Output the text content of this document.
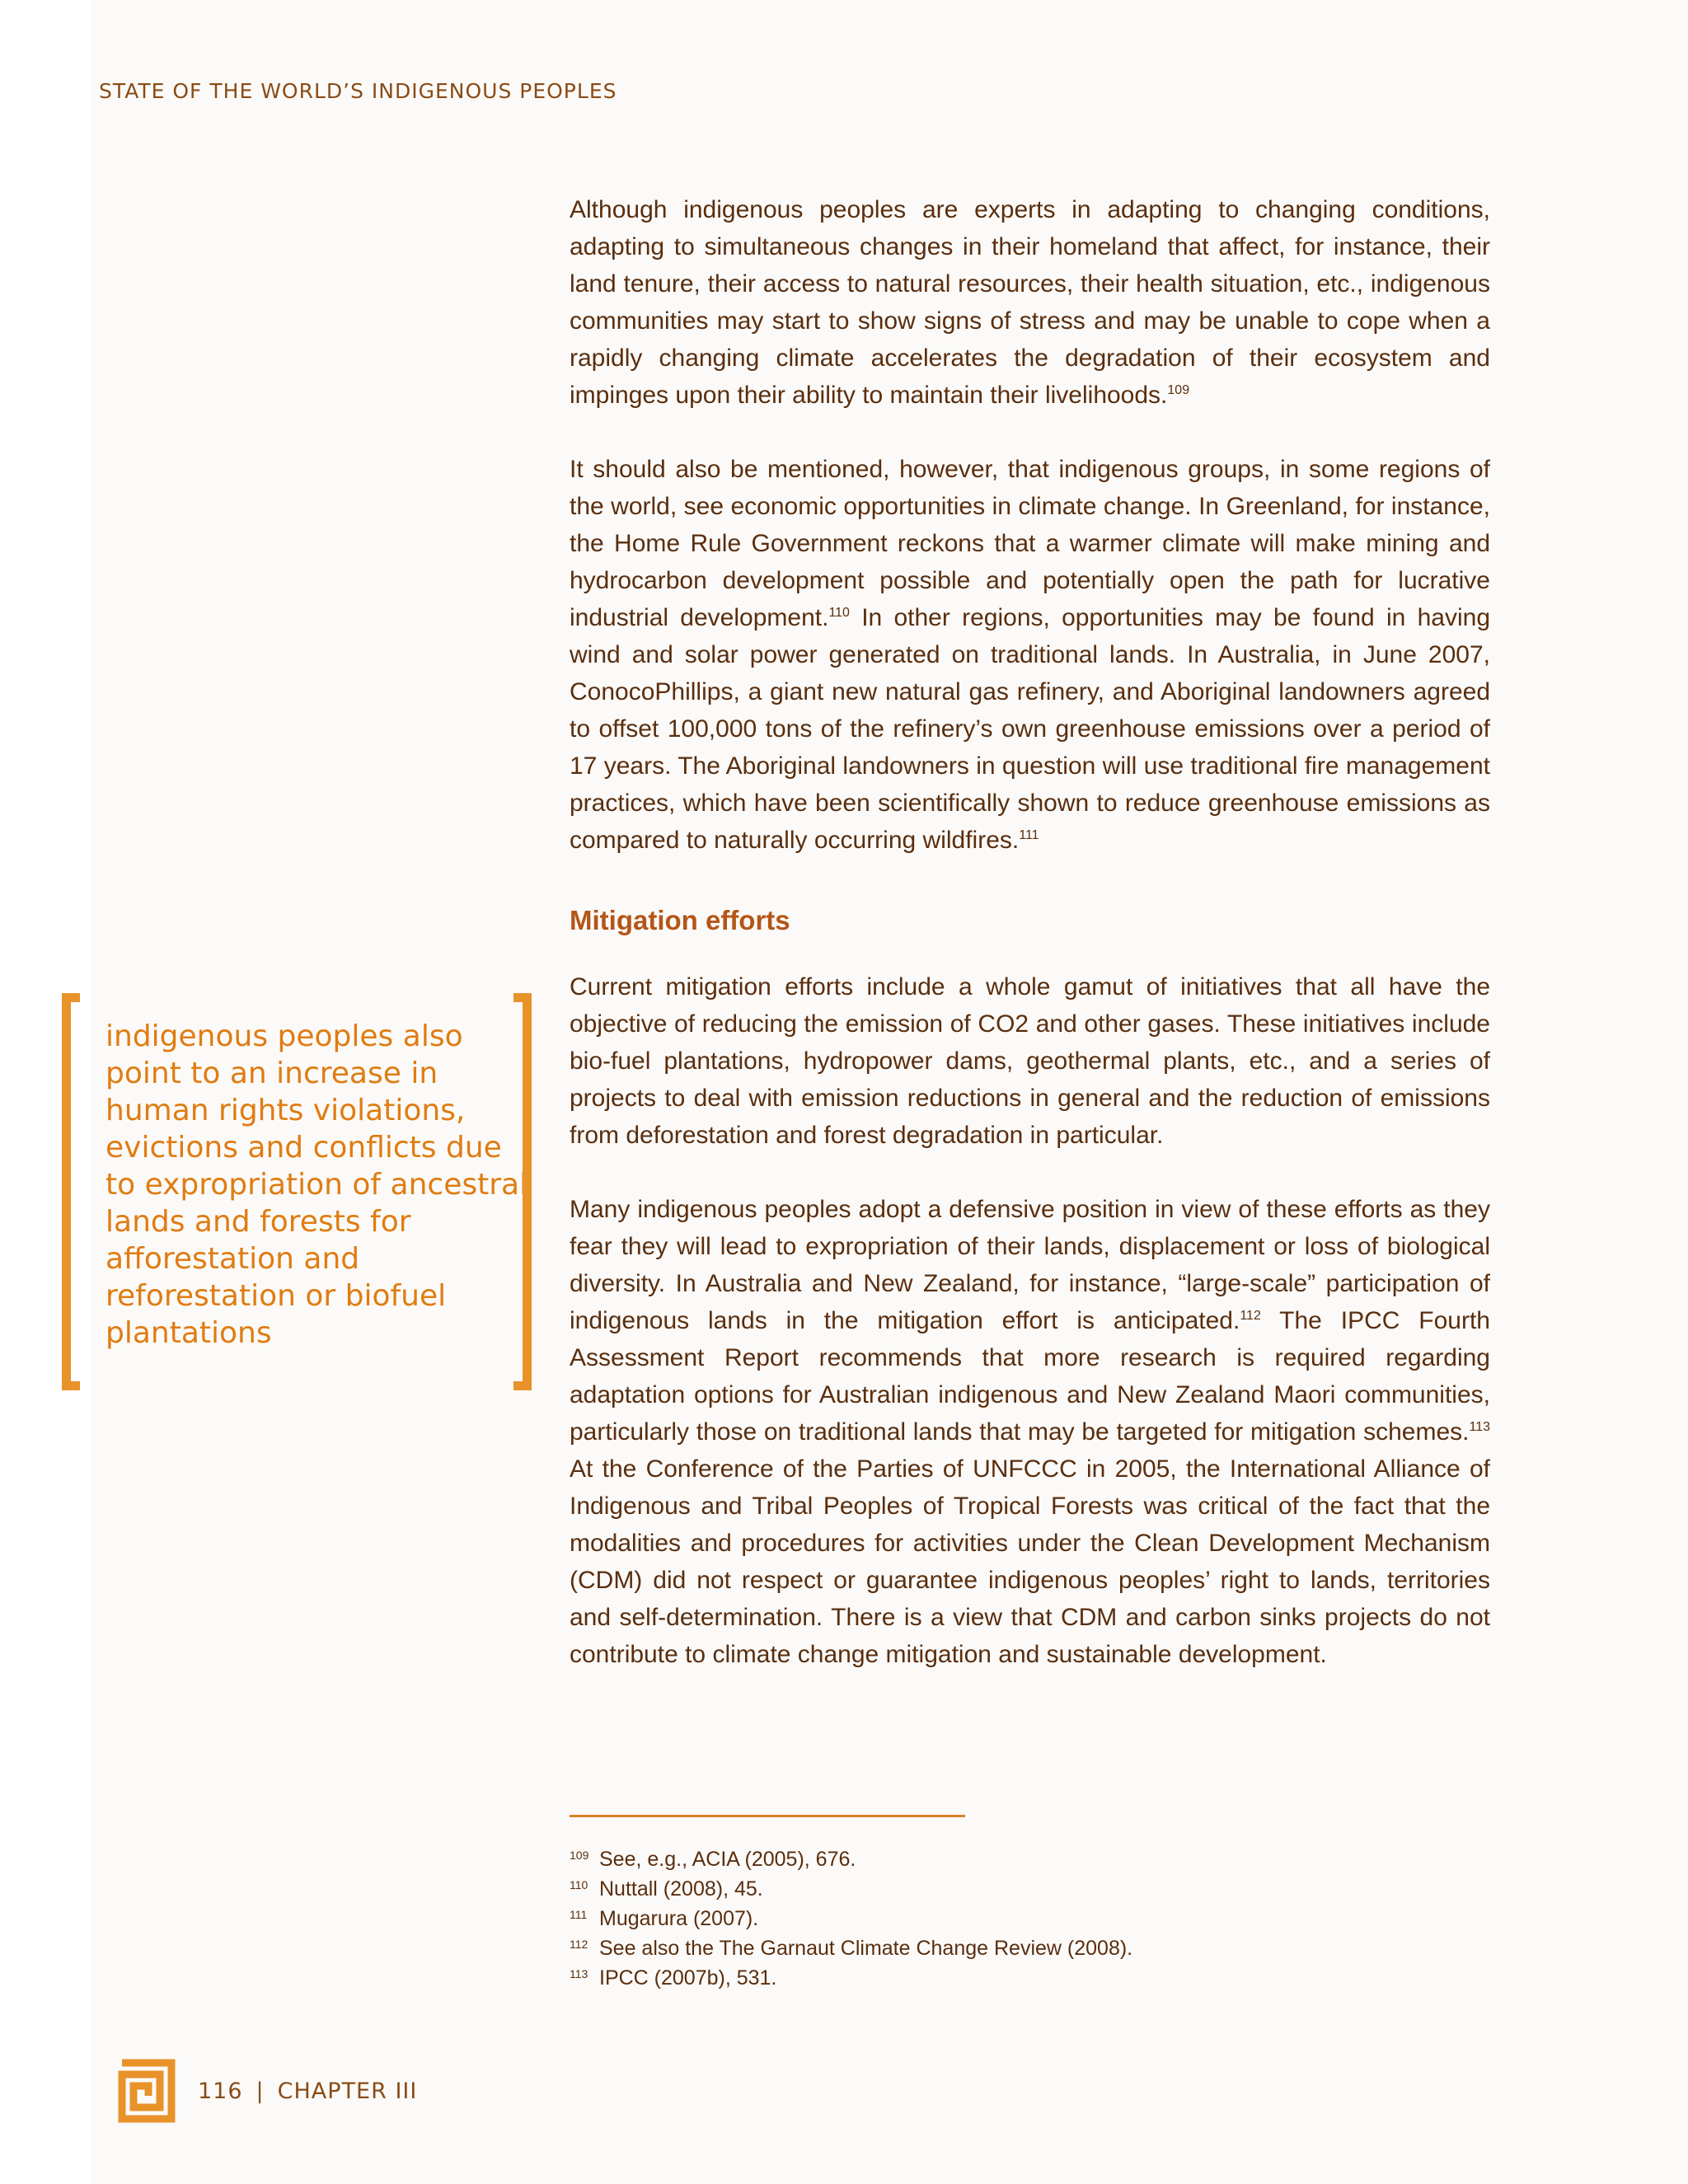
STATE OF THE WORLD’S INDIGENOUS PEOPLES

Although indigenous peoples are experts in adapting to changing conditions, adapting to simultaneous changes in their homeland that affect, for instance, their land tenure, their access to natural resources, their health situation, etc., indigenous communities may start to show signs of stress and may be unable to cope when a rapidly changing climate accelerates the degradation of their ecosystem and impinges upon their ability to maintain their livelihoods.$^{109}$

It should also be mentioned, however, that indigenous groups, in some regions of the world, see economic opportunities in climate change. In Greenland, for instance, the Home Rule Government reckons that a warmer climate will make mining and hydrocarbon development possible and potentially open the path for lucrative industrial development.$^{110}$ In other regions, opportunities may be found in having wind and solar power generated on traditional lands. In Australia, in June 2007, ConocoPhillips, a giant new natural gas refinery, and Aboriginal landowners agreed to offset 100,000 tons of the refinery’s own greenhouse emissions over a period of 17 years. The Aboriginal landowners in question will use traditional fire management practices, which have been scientifically shown to reduce greenhouse emissions as compared to naturally occurring wildfires.$^{111}$

Mitigation efforts

Current mitigation efforts include a whole gamut of initiatives that all have the objective of reducing the emission of CO2 and other gases. These initiatives include bio-fuel plantations, hydropower dams, geothermal plants, etc., and a series of projects to deal with emission reductions in general and the reduction of emissions from deforestation and forest degradation in particular.

Many indigenous peoples adopt a defensive position in view of these efforts as they fear they will lead to expropriation of their lands, displacement or loss of biological diversity. In Australia and New Zealand, for instance, “large-scale” participation of indigenous lands in the mitigation effort is anticipated.$^{112}$ The IPCC Fourth Assessment Report recommends that more research is required regarding adaptation options for Australian indigenous and New Zealand Maori communities, particularly those on traditional lands that may be targeted for mitigation schemes.$^{113}$ At the Conference of the Parties of UNFCCC in 2005, the International Alliance of Indigenous and Tribal Peoples of Tropical Forests was critical of the fact that the modalities and procedures for activities under the Clean Development Mechanism (CDM) did not respect or guarantee indigenous peoples’ right to lands, territories and self-determination. There is a view that CDM and carbon sinks projects do not contribute to climate change mitigation and sustainable development.

indigenous peoples also point to an increase in human rights violations, evictions and conflicts due to expropriation of ancestral lands and forests for afforestation and reforestation or biofuel plantations
109 See, e.g., ACIA (2005), 676.
110 Nuttall (2008), 45.
111 Mugarura (2007).
112 See also the The Garnaut Climate Change Review (2008).
113 IPCC (2007b), 531.
116 | CHAPTER III
